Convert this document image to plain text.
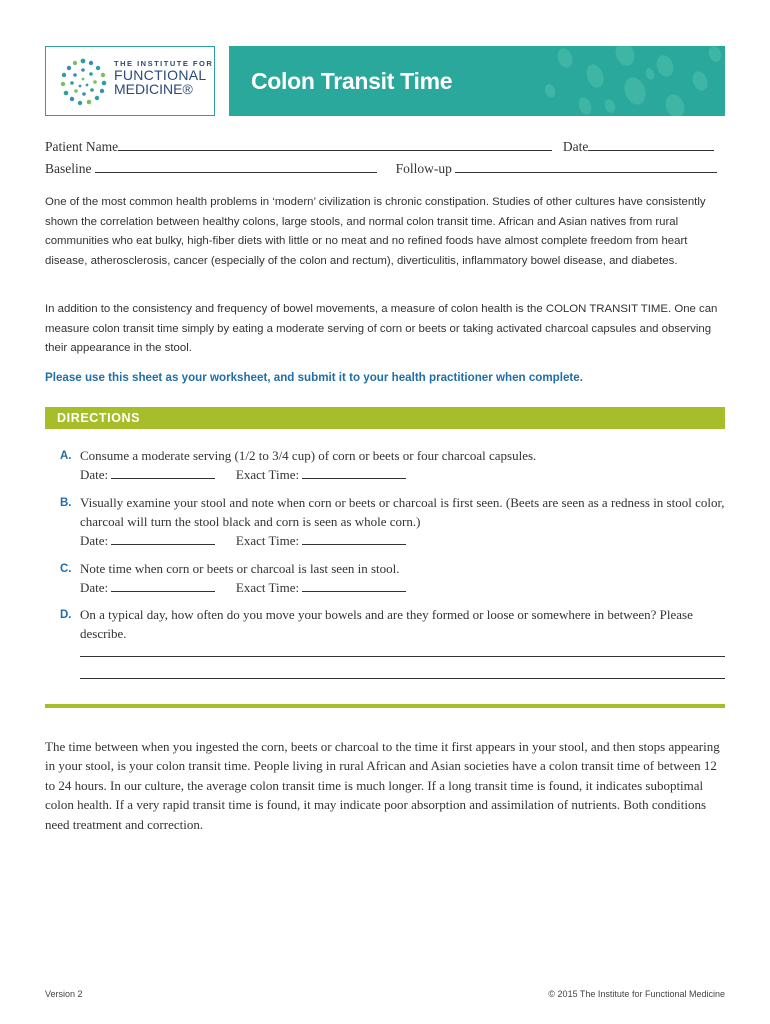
THE INSTITUTE FOR
FUNCTIONAL
MEDICINE®	Colon Transit Time
Patient Name	Date
Baseline	Follow-up
One of the most common health problems in ‘modern’ civilization is chronic constipation. Studies of other cultures have consistently shown the correlation between healthy colons, large stools, and normal colon transit time. African and Asian natives from rural communities who eat bulky, high-fiber diets with little or no meat and no refined foods have almost complete freedom from heart disease, atherosclerosis, cancer (especially of the colon and rectum), diverticulitis, inflammatory bowel disease, and diabetes.
In addition to the consistency and frequency of bowel movements, a measure of colon health is the COLON TRANSIT TIME. One can measure colon transit time simply by eating a moderate serving of corn or beets or taking activated charcoal capsules and observing their appearance in the stool.
Please use this sheet as your worksheet, and submit it to your health practitioner when complete.
DIRECTIONS
A. Consume a moderate serving (1/2 to 3/4 cup) of corn or beets or four charcoal capsules.
Date:	Exact Time:
B. Visually examine your stool and note when corn or beets or charcoal is first seen. (Beets are seen as a redness in stool color, charcoal will turn the stool black and corn is seen as whole corn.)
Date:	Exact Time:
C. Note time when corn or beets or charcoal is last seen in stool.
Date:	Exact Time:
D. On a typical day, how often do you move your bowels and are they formed or loose or somewhere in between? Please describe.
The time between when you ingested the corn, beets or charcoal to the time it first appears in your stool, and then stops appearing in your stool, is your colon transit time. People living in rural African and Asian societies have a colon transit time of between 12 to 24 hours. In our culture, the average colon transit time is much longer. If a long transit time is found, it indicates suboptimal colon health. If a very rapid transit time is found, it may indicate poor absorption and assimilation of nutrients. Both conditions need treatment and correction.
Version 2	© 2015 The Institute for Functional Medicine
